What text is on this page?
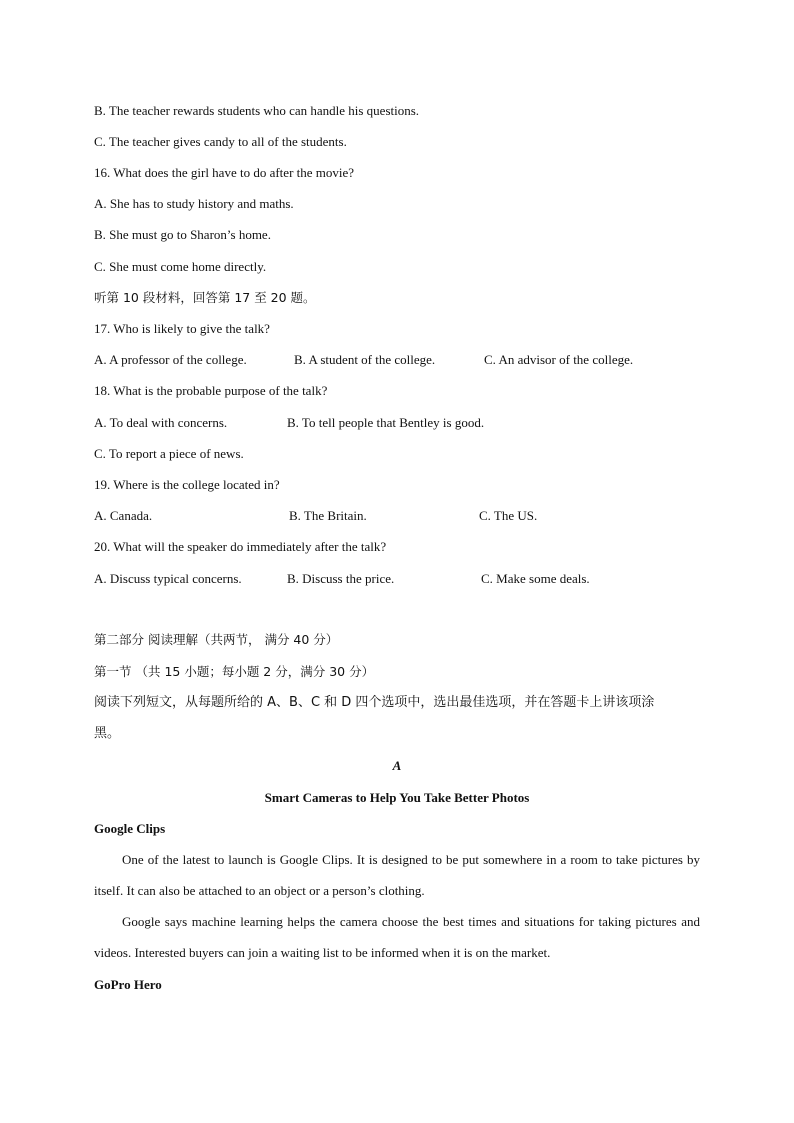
B. The teacher rewards students who can handle his questions.
C. The teacher gives candy to all of the students.
16. What does the girl have to do after the movie?
A. She has to study history and maths.
B. She must go to Sharon’s home.
C. She must come home directly.
听第 10 段材料，回答第 17 至 20 题。
17. Who is likely to give the talk?
A. A professor of the college.	B. A student of the college.	C. An advisor of the college.
18. What is the probable purpose of the talk?
A. To deal with concerns.	B. To tell people that Bentley is good.
C. To report a piece of news.
19. Where is the college located in?
A. Canada.	B. The Britain.	C. The US.
20. What will the speaker do immediately after the talk?
A. Discuss typical concerns.	B. Discuss the price.	C. Make some deals.
第二部分 阅读理解（共两节， 满分 40 分）
第一节 （共 15 小题；每小题 2 分，满分 30 分）
阅读下列短文，从每题所给的 A、B、C 和 D 四个选项中，选出最佳选项，并在答题卡上讲该项涂
黑。
A
Smart Cameras to Help You Take Better Photos
Google Clips
One of the latest to launch is Google Clips. It is designed to be put somewhere in a room to take pictures by itself. It can also be attached to an object or a person’s clothing.
Google says machine learning helps the camera choose the best times and situations for taking pictures and videos. Interested buyers can join a waiting list to be informed when it is on the market.
GoPro Hero
